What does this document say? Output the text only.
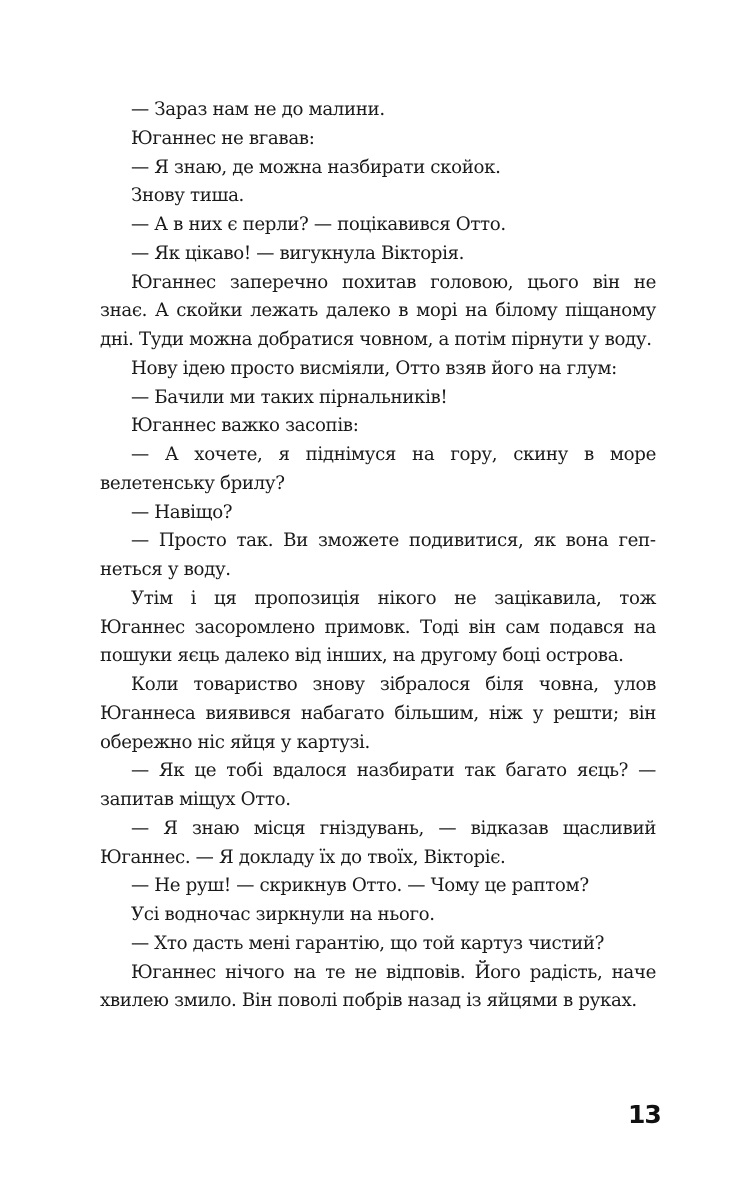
— Зараз нам не до малини.

Юганнес не вгавав:

— Я знаю, де можна назбирати скойок.

Знову тиша.

— А в них є перли? — поцікавився Отто.

— Як цікаво! — вигукнула Вікторія.

Юганнес заперечно похитав головою, цього він не знає. А скойки лежать далеко в морі на білому піщаному дні. Туди можна добратися човном, а потім пірнути у воду.

Нову ідею просто висміяли, Отто взяв його на глум:

— Бачили ми таких пірнальників!

Юганнес важко засопів:

— А хочете, я піднімуся на гору, скину в море велетенську брилу?

— Навіщо?

— Просто так. Ви зможете подивитися, як вона гепнеться у воду.

Утім і ця пропозиція нікого не зацікавила, тож Юганнес засоромлено примовк. Тоді він сам подався на пошуки яєць далеко від інших, на другому боці острова.

Коли товариство знову зібралося біля човна, улов Юганнеса виявився набагато більшим, ніж у решти; він обережно ніс яйця у картузі.

— Як це тобі вдалося назбирати так багато яєць? — запитав міщух Отто.

— Я знаю місця гніздувань, — відказав щасливий Юганнес. — Я докладу їх до твоїх, Вікторіє.

— Не руш! — скрикнув Отто. — Чому це раптом?

Усі водночас зиркнули на нього.

— Хто дасть мені гарантію, що той картуз чистий?

Юганнес нічого на те не відповів. Його радість, наче хвилею змило. Він поволі побрів назад із яйцями в руках.

13
